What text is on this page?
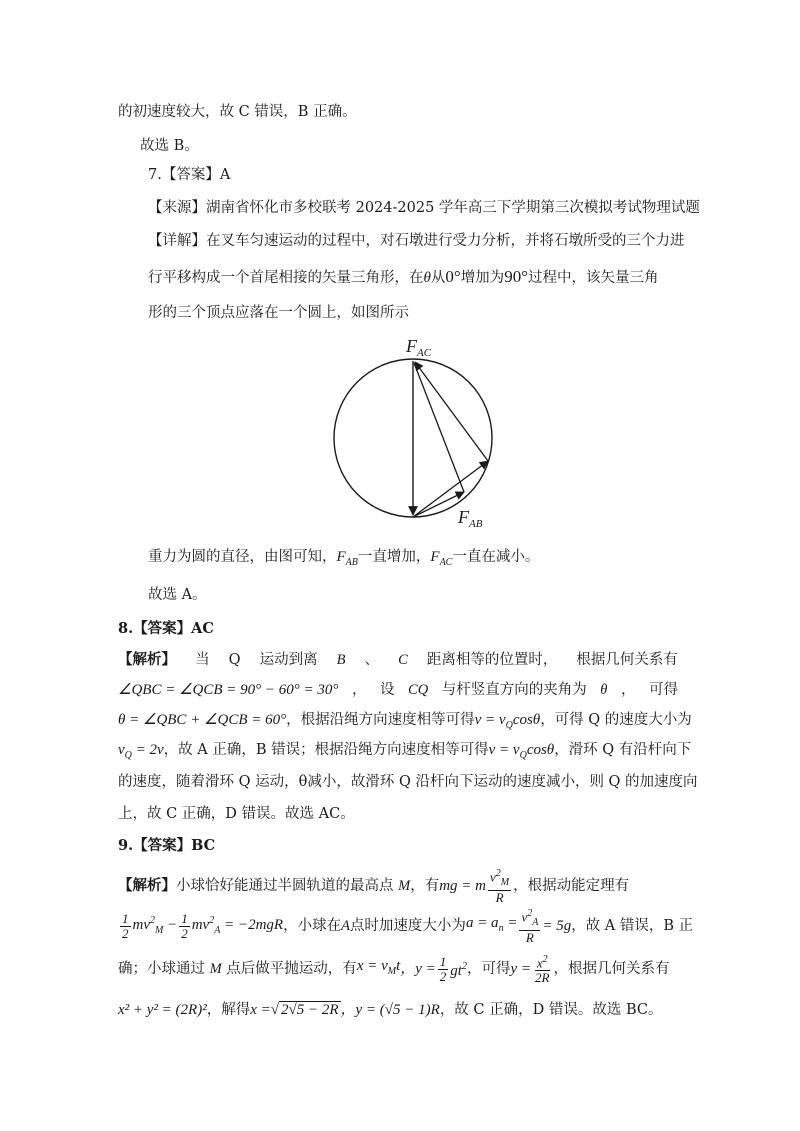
的初速度较大，故 C 错误，B 正确。
故选 B。
7.【答案】A
【来源】湖南省怀化市多校联考 2024-2025 学年高三下学期第三次模拟考试物理试题
【详解】在叉车匀速运动的过程中，对石墩进行受力分析，并将石墩所受的三个力进
行平移构成一个首尾相接的矢量三角形，在θ从0°增加为90°过程中，该矢量三角
形的三个顶点应落在一个圆上，如图所示
$F_{AC}$
$F_{AB}$
重力为圆的直径，由图可知，$F_{AB}$一直增加，$F_{AC}$一直在减小。
故选 A。
8.【答案】AC
【解析】 当 Q 运动到离 B 、 C 距离相等的位置时， 根据几何关系有
∠QBC = ∠QCB = 90° − 60° = 30° ， 设 CQ 与杆竖直方向的夹角为 θ ， 可得
θ = ∠QBC + ∠QCB = 60°，根据沿绳方向速度相等可得$v = v_Q\cos\theta$，可得 Q 的速度大小为
$v_Q = 2v$，故 A 正确，B 错误；根据沿绳方向速度相等可得$v = v_Q\cos\theta$，滑环 Q 有沿杆向下
的速度，随着滑环 Q 运动，θ减小，故滑环 Q 沿杆向下运动的速度减小，则 Q 的加速度向
上，故 C 正确，D 错误。故选 AC。
9.【答案】BC
【解析】 小球恰好能通过半圆轨道的最高点
M ，有 mg = m $\frac{v^2_M}{R}$ ，根据动能定理有
$\frac{1}{2} mv^2_M - \frac{1}{2} mv^2_A = -2mgR$ ，小球在 A 点时加速度大小为 $a = a_n = \frac{v^2_A}{R} = 5g$ ，故 A 错误，B 正
确；小球通过
M
点后做平抛运动，有 $x = v_Mt$ ，$y = \frac{1}{2} gt^2$ ，可得 $y = \frac{x^2}{2R}$ ，根据几何关系有
x² + y² = (2R)² ，解得 x = √ 2√5 − 2R ，y = (√5 − 1)R ，故 C 正确，D 错误。故选 BC。
